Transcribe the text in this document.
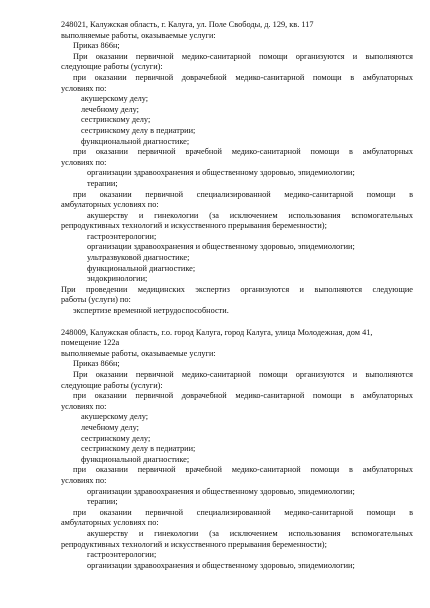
248021, Калужская область, г. Калуга, ул. Поле Свободы, д. 129, кв. 117
выполняемые работы, оказываемые услуги:
Приказ 866н;
При оказании первичной медико-санитарной помощи организуются и выполняются
следующие работы (услуги):
при оказании первичной доврачебной медико-санитарной помощи в амбулаторных
условиях по:
акушерскому делу;
лечебному делу;
сестринскому делу;
сестринскому делу в педиатрии;
функциональной диагностике;
при оказании первичной врачебной медико-санитарной помощи в амбулаторных
условиях по:
организации здравоохранения и общественному здоровью, эпидемиологии;
терапии;
при оказании первичной специализированной медико-санитарной помощи в
амбулаторных условиях по:
акушерству и гинекологии (за исключением использования вспомогательных
репродуктивных технологий и искусственного прерывания беременности);
гастроэнтерологии;
организации здравоохранения и общественному здоровью, эпидемиологии;
ультразвуковой диагностике;
функциональной диагностике;
эндокринологии;
При проведении медицинских экспертиз организуются и выполняются следующие
работы (услуги) по:
экспертизе временной нетрудоспособности.
248009, Калужская область, г.о. город Калуга, город Калуга, улица Молодежная, дом 41,
помещение 122а
выполняемые работы, оказываемые услуги:
Приказ 866н;
При оказании первичной медико-санитарной помощи организуются и выполняются
следующие работы (услуги):
при оказании первичной доврачебной медико-санитарной помощи в амбулаторных
условиях по:
акушерскому делу;
лечебному делу;
сестринскому делу;
сестринскому делу в педиатрии;
функциональной диагностике;
при оказании первичной врачебной медико-санитарной помощи в амбулаторных
условиях по:
организации здравоохранения и общественному здоровью, эпидемиологии;
терапии;
при оказании первичной специализированной медико-санитарной помощи в
амбулаторных условиях по:
акушерству и гинекологии (за исключением использования вспомогательных
репродуктивных технологий и искусственного прерывания беременности);
гастроэнтерологии;
организации здравоохранения и общественному здоровью, эпидемиологии;
